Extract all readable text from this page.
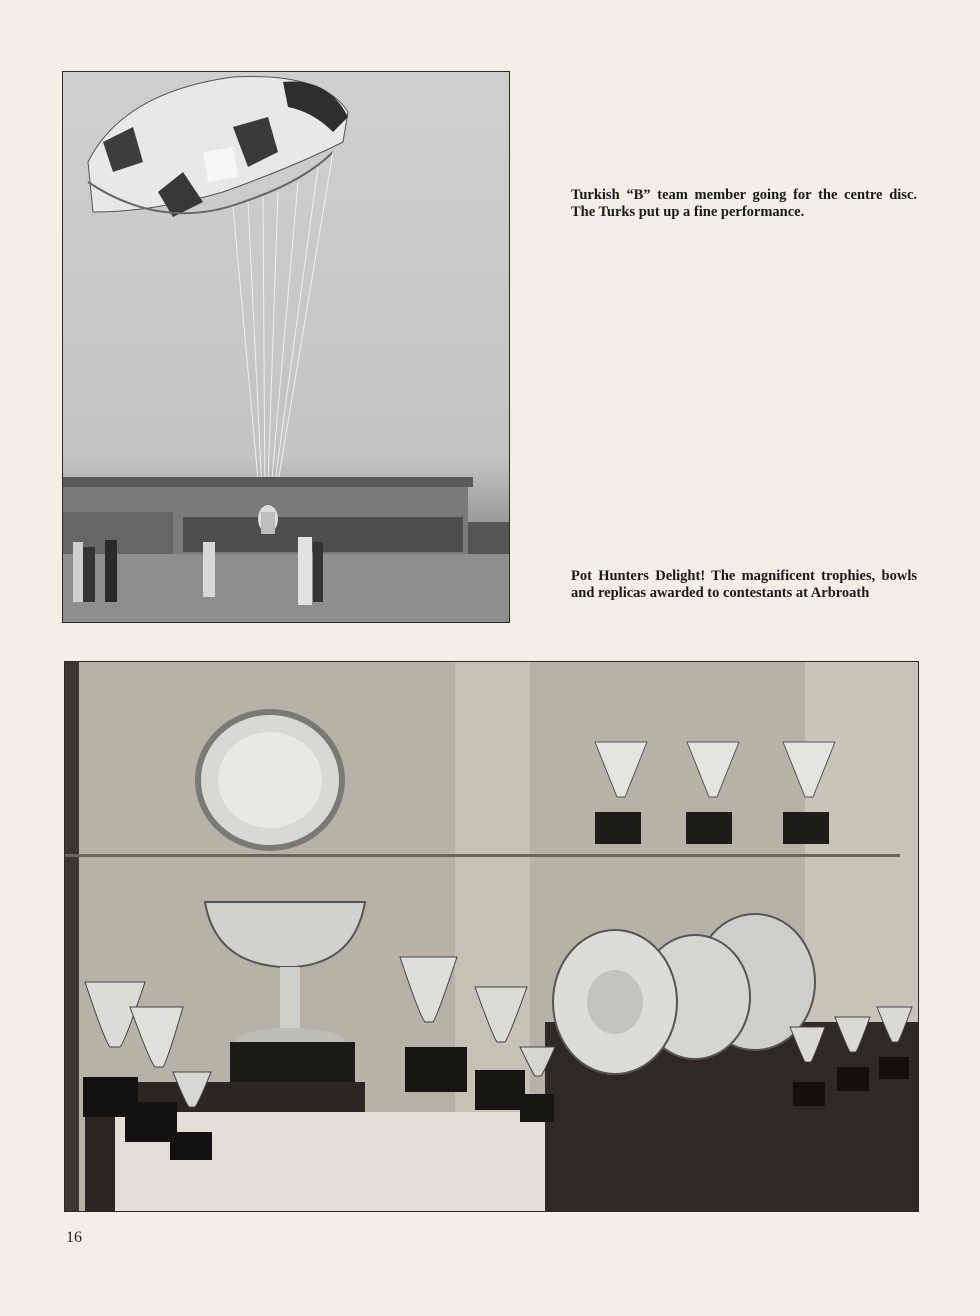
Turkish “B” team member going for the centre disc. The Turks put up a fine performance.
Pot Hunters Delight! The magnificent trophies, bowls and replicas awarded to contestants at Arbroath
16
